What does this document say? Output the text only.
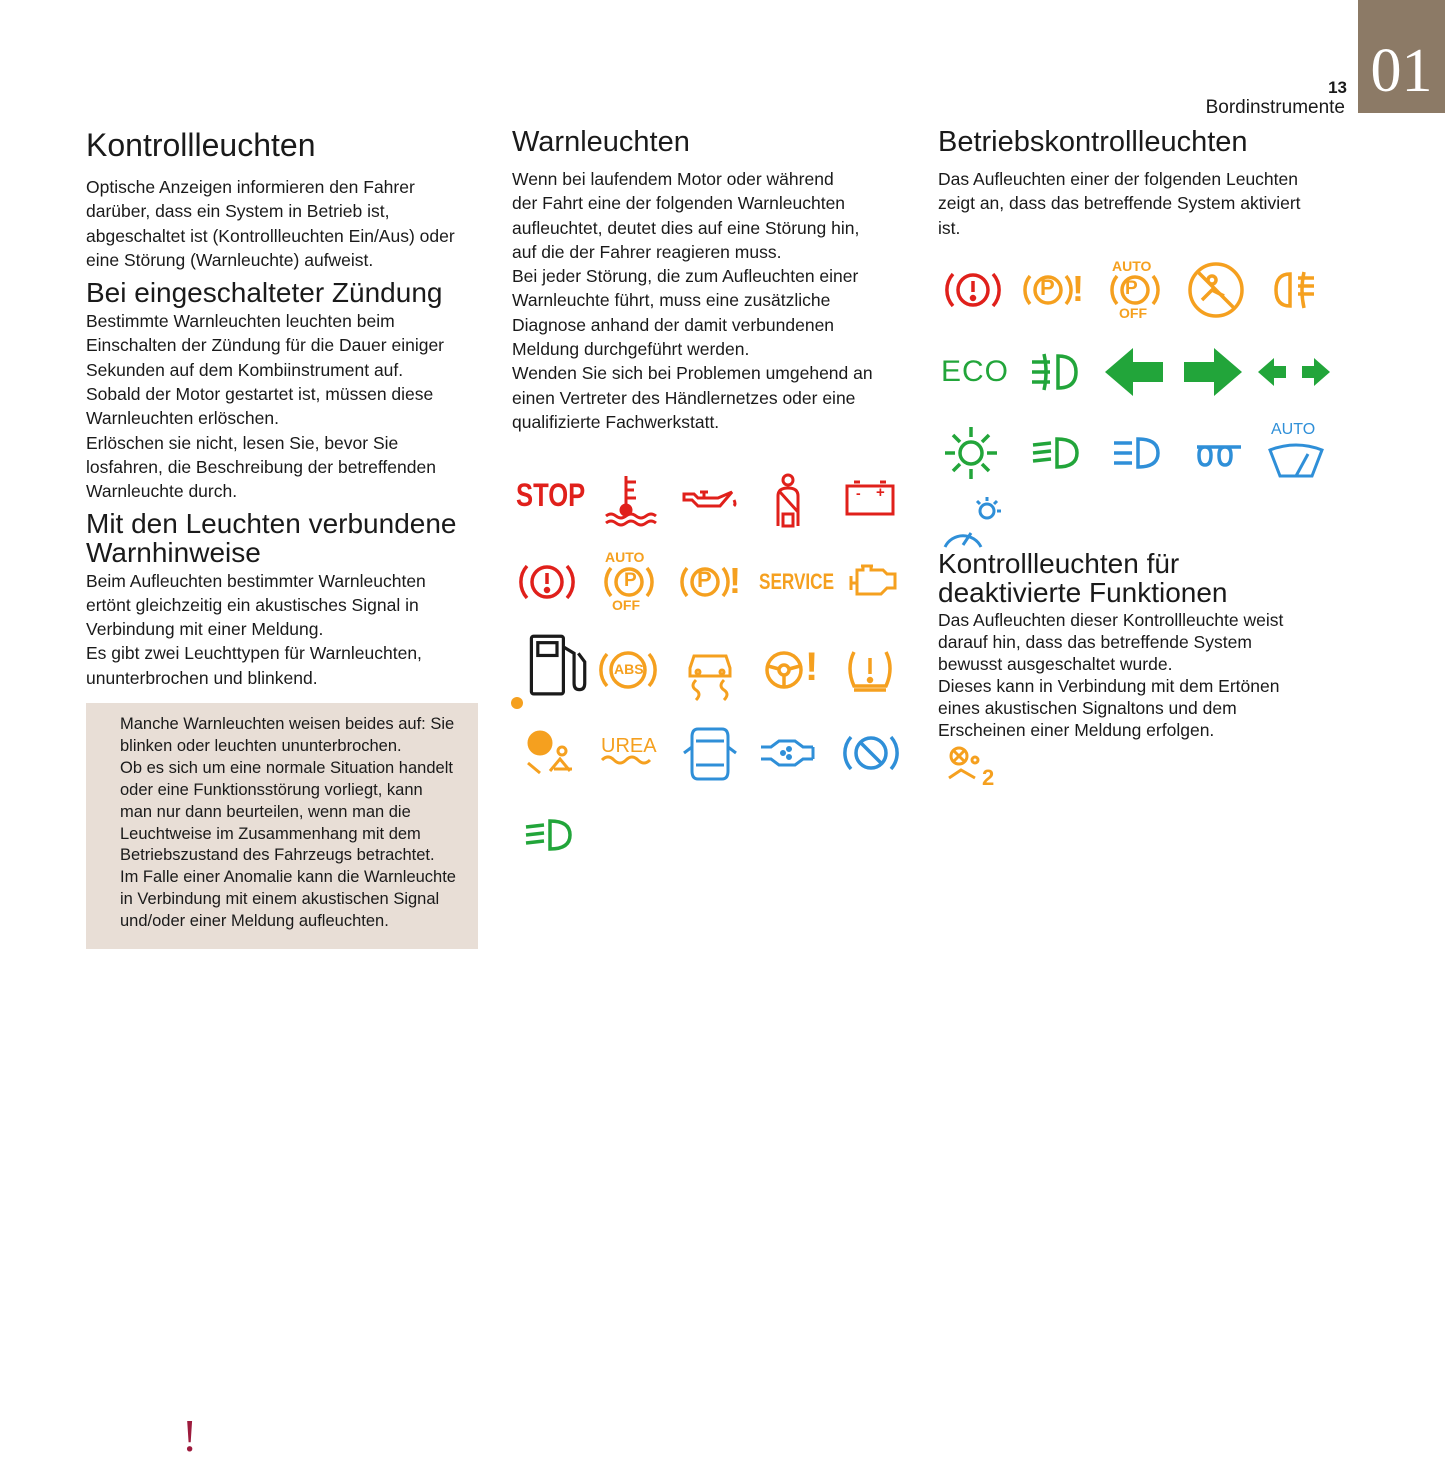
01
13
Bordinstrumente
Kontrollleuchten

Optische Anzeigen informieren den Fahrer

darüber, dass ein System in Betrieb ist,

abgeschaltet ist (Kontrollleuchten Ein/Aus) oder

eine Störung (Warnleuchte) aufweist.

Bei eingeschalteter Zündung

Bestimmte Warnleuchten leuchten beim

Einschalten der Zündung für die Dauer einiger

Sekunden auf dem Kombiinstrument auf.

Sobald der Motor gestartet ist, müssen diese

Warnleuchten erlöschen.

Erlöschen sie nicht, lesen Sie, bevor Sie

losfahren, die Beschreibung der betreffenden

Warnleuchte durch.

Mit den Leuchten verbundene
Warnhinweise

Beim Aufleuchten bestimmter Warnleuchten

ertönt gleichzeitig ein akustisches Signal in

Verbindung mit einer Meldung.

Es gibt zwei Leuchttypen für Warnleuchten,

ununterbrochen und blinkend.

!

Manche Warnleuchten weisen beides auf: Sie

blinken oder leuchten ununterbrochen.

Ob es sich um eine normale Situation handelt

oder eine Funktionsstörung vorliegt, kann

man nur dann beurteilen, wenn man die

Leuchtweise im Zusammenhang mit dem

Betriebszustand des Fahrzeugs betrachtet.

Im Falle einer Anomalie kann die Warnleuchte

in Verbindung mit einem akustischen Signal

und/oder einer Meldung aufleuchten.

Warnleuchten

Wenn bei laufendem Motor oder während

der Fahrt eine der folgenden Warnleuchten

aufleuchtet, deutet dies auf eine Störung hin,

auf die der Fahrer reagieren muss.

Bei jeder Störung, die zum Aufleuchten einer

Warnleuchte führt, muss eine zusätzliche

Diagnose anhand der damit verbundenen

Meldung durchgeführt werden.

Wenden Sie sich bei Problemen umgehend an

einen Vertreter des Händlernetzes oder eine

qualifizierte Fachwerkstatt.

STOP	- +
AUTO
P
OFF
P ! SERVICE
ABS	!
UREA
Betriebskontrollleuchten

Das Aufleuchten einer der folgenden Leuchten

zeigt an, dass das betreffende System aktiviert

ist.

P !
AUTO
P
OFF
ECO
AUTO
Kontrollleuchten für
deaktivierte Funktionen

Das Aufleuchten dieser Kontrollleuchte weist

darauf hin, dass das betreffende System

bewusst ausgeschaltet wurde.

Dieses kann in Verbindung mit dem Ertönen

eines akustischen Signaltons und dem

Erscheinen einer Meldung erfolgen.

2
